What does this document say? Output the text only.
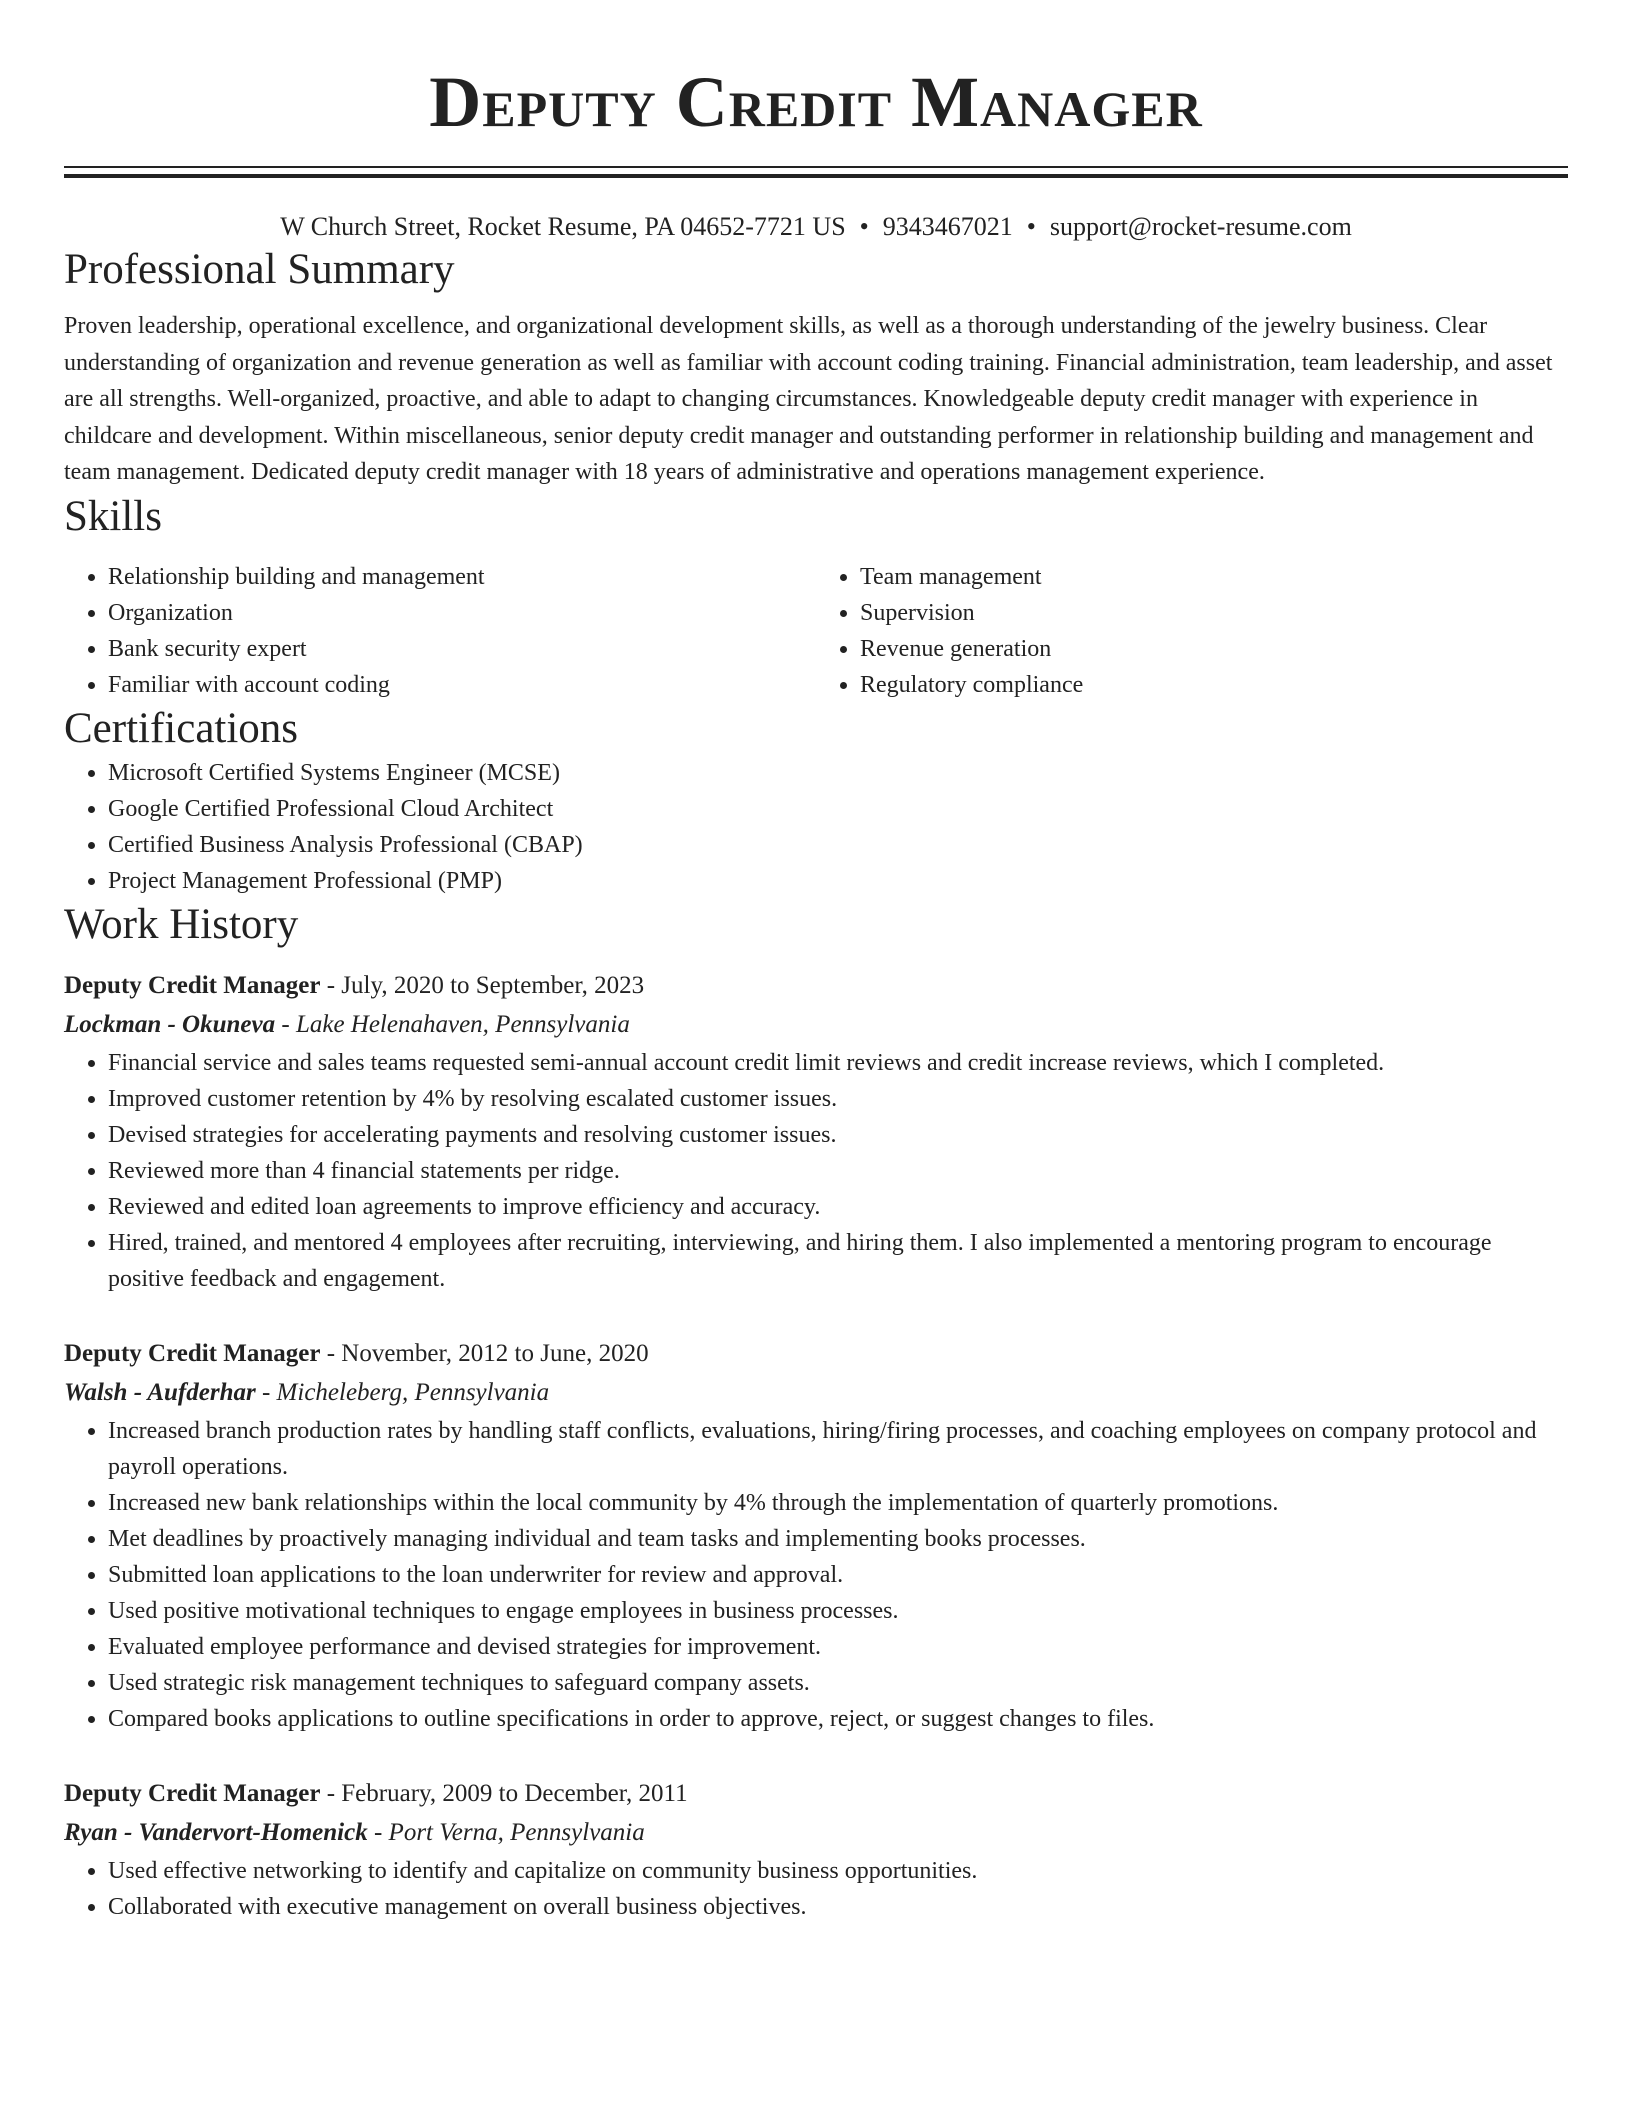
Deputy Credit Manager
W Church Street, Rocket Resume, PA 04652-7721 US • 9343467021 • support@rocket-resume.com
Professional Summary

Proven leadership, operational excellence, and organizational development skills, as well as a thorough understanding of the jewelry business. Clear understanding of organization and revenue generation as well as familiar with account coding training. Financial administration, team leadership, and asset are all strengths. Well-organized, proactive, and able to adapt to changing circumstances. Knowledgeable deputy credit manager with experience in childcare and development. Within miscellaneous, senior deputy credit manager and outstanding performer in relationship building and management and team management. Dedicated deputy credit manager with 18 years of administrative and operations management experience.

Skills
• Relationship building and management
• Organization
• Bank security expert
• Familiar with account coding
• Team management
• Supervision
• Revenue generation
• Regulatory compliance
Certifications
• Microsoft Certified Systems Engineer (MCSE)
• Google Certified Professional Cloud Architect
• Certified Business Analysis Professional (CBAP)
• Project Management Professional (PMP)
Work History
Deputy Credit Manager - July, 2020 to September, 2023
Lockman - Okuneva - Lake Helenahaven, Pennsylvania
• Financial service and sales teams requested semi-annual account credit limit reviews and credit increase reviews, which I completed.
• Improved customer retention by 4% by resolving escalated customer issues.
• Devised strategies for accelerating payments and resolving customer issues.
• Reviewed more than 4 financial statements per ridge.
• Reviewed and edited loan agreements to improve efficiency and accuracy.
• Hired, trained, and mentored 4 employees after recruiting, interviewing, and hiring them. I also implemented a mentoring program to encourage positive feedback and engagement.
Deputy Credit Manager - November, 2012 to June, 2020
Walsh - Aufderhar - Micheleberg, Pennsylvania
• Increased branch production rates by handling staff conflicts, evaluations, hiring/firing processes, and coaching employees on company protocol and payroll operations.
• Increased new bank relationships within the local community by 4% through the implementation of quarterly promotions.
• Met deadlines by proactively managing individual and team tasks and implementing books processes.
• Submitted loan applications to the loan underwriter for review and approval.
• Used positive motivational techniques to engage employees in business processes.
• Evaluated employee performance and devised strategies for improvement.
• Used strategic risk management techniques to safeguard company assets.
• Compared books applications to outline specifications in order to approve, reject, or suggest changes to files.
Deputy Credit Manager - February, 2009 to December, 2011
Ryan - Vandervort-Homenick - Port Verna, Pennsylvania
• Used effective networking to identify and capitalize on community business opportunities.
• Collaborated with executive management on overall business objectives.
